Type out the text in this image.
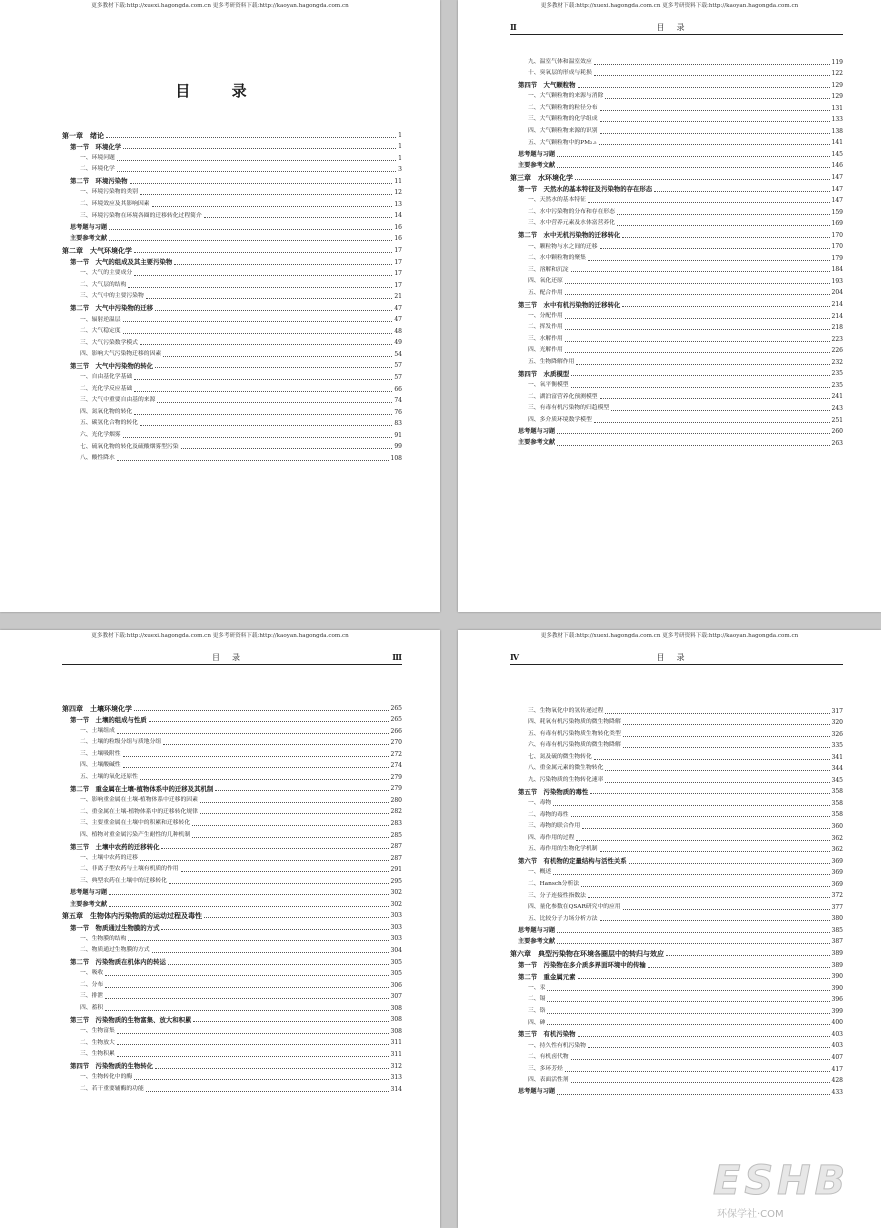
更多教材下载:http://xuexi.hagongda.com.cn 更多考研资料下载:http://kaoyan.hagongda.com.cn
目 录
第一章　绪论	1
第一节　环境化学	1
一、环境问题	1
二、环境化学	3
第二节　环境污染物	11
一、环境污染物的类别	12
二、环境效应及其影响因素	13
三、环境污染物在环境各圈的迁移转化过程简介	14
思考题与习题	16
主要参考文献	16
第二章　大气环境化学	17
第一节　大气的组成及其主要污染物	17
一、大气的主要成分	17
二、大气层的结构	17
三、大气中的主要污染物	21
第二节　大气中污染物的迁移	47
一、辐射逆温层	47
二、大气稳定度	48
三、大气污染数学模式	49
四、影响大气污染物迁移的因素	54
第三节　大气中污染物的转化	57
一、自由基化学基础	57
二、光化学反应基础	66
三、大气中重要自由基的来源	74
四、氮氧化物的转化	76
五、碳氢化合物的转化	83
六、光化学烟雾	91
七、硫氧化物的转化及硫酸烟雾型污染	99
八、酸性降水	108
更多教材下载:http://xuexi.hagongda.com.cn 更多考研资料下载:http://kaoyan.hagongda.com.cn
Ⅱ	目录
九、温室气体和温室效应	119
十、臭氧层的形成与耗损	122
第四节　大气颗粒物	129
一、大气颗粒物的来源与消除	129
二、大气颗粒物的粒径分布	131
三、大气颗粒物的化学组成	133
四、大气颗粒物来源的识别	138
五、大气颗粒物中的PM₂.₅	141
思考题与习题	145
主要参考文献	146
第三章　水环境化学	147
第一节　天然水的基本特征及污染物的存在形态	147
一、天然水的基本特征	147
二、水中污染物的分布和存在形态	159
三、水中营养元素及水体富营养化	169
第二节　水中无机污染物的迁移转化	170
一、颗粒物与水之间的迁移	170
二、水中颗粒物的聚集	179
三、溶解和沉淀	184
四、氧化还原	193
五、配合作用	204
第三节　水中有机污染物的迁移转化	214
一、分配作用	214
二、挥发作用	218
三、水解作用	223
四、光解作用	226
五、生物降解作用	232
第四节　水质模型	235
一、氧平衡模型	235
二、湖泊富营养化预测模型	241
三、有毒有机污染物的归趋模型	243
四、多介质环境数学模型	251
思考题与习题	260
主要参考文献	263
更多教材下载:http://xuexi.hagongda.com.cn 更多考研资料下载:http://kaoyan.hagongda.com.cn
目录	Ⅲ
第四章　土壤环境化学	265
第一节　土壤的组成与性质	265
一、土壤组成	266
二、土壤的粒级分组与质地分组	270
三、土壤吸附性	272
四、土壤酸碱性	274
五、土壤的氧化还原性	279
第二节　重金属在土壤-植物体系中的迁移及其机制	279
一、影响重金属在土壤-植物体系中迁移的因素	280
二、重金属在土壤-植物体系中的迁移转化规律	282
三、主要重金属在土壤中的积累和迁移转化	283
四、植物对重金属污染产生耐性的几种机制	285
第三节　土壤中农药的迁移转化	287
一、土壤中农药的迁移	287
二、非离子型农药与土壤有机质的作用	291
三、典型农药在土壤中的迁移转化	295
思考题与习题	302
主要参考文献	302
第五章　生物体内污染物质的运动过程及毒性	303
第一节　物质通过生物膜的方式	303
一、生物膜的结构	303
二、物质通过生物膜的方式	304
第二节　污染物质在机体内的转运	305
一、吸收	305
二、分布	306
三、排泄	307
四、蓄积	308
第三节　污染物质的生物富集、放大和积累	308
一、生物富集	308
二、生物放大	311
三、生物积累	311
第四节　污染物质的生物转化	312
一、生物转化中的酶	313
二、若干重要辅酶的功能	314
更多教材下载:http://xuexi.hagongda.com.cn 更多考研资料下载:http://kaoyan.hagongda.com.cn
Ⅳ	目录
三、生物氧化中的氢传递过程	317
四、耗氧有机污染物质的微生物降解	320
五、有毒有机污染物质生物转化类型	326
六、有毒有机污染物质的微生物降解	335
七、氮及硫的微生物转化	341
八、重金属元素的微生物转化	344
九、污染物质的生物转化速率	345
第五节　污染物质的毒性	358
一、毒物	358
二、毒物的毒性	358
三、毒物的联合作用	360
四、毒作用的过程	362
五、毒作用的生物化学机制	362
第六节　有机物的定量结构与活性关系	369
一、概述	369
二、Hansch分析法	369
三、分子连接性指数法	372
四、量化参数在QSAR研究中的应用	377
五、比较分子力场分析方法	380
思考题与习题	385
主要参考文献	387
第六章　典型污染物在环境各圈层中的转归与效应	389
第一节　污染物在多介质多界面环境中的传输	389
第二节　重金属元素	390
一、汞	390
二、镉	396
三、铬	399
四、砷	400
第三节　有机污染物	403
一、持久性有机污染物	403
二、有机卤代物	407
三、多环芳烃	417
四、表面活性剂	428
思考题与习题	433
ESHB
环保学社·COM
